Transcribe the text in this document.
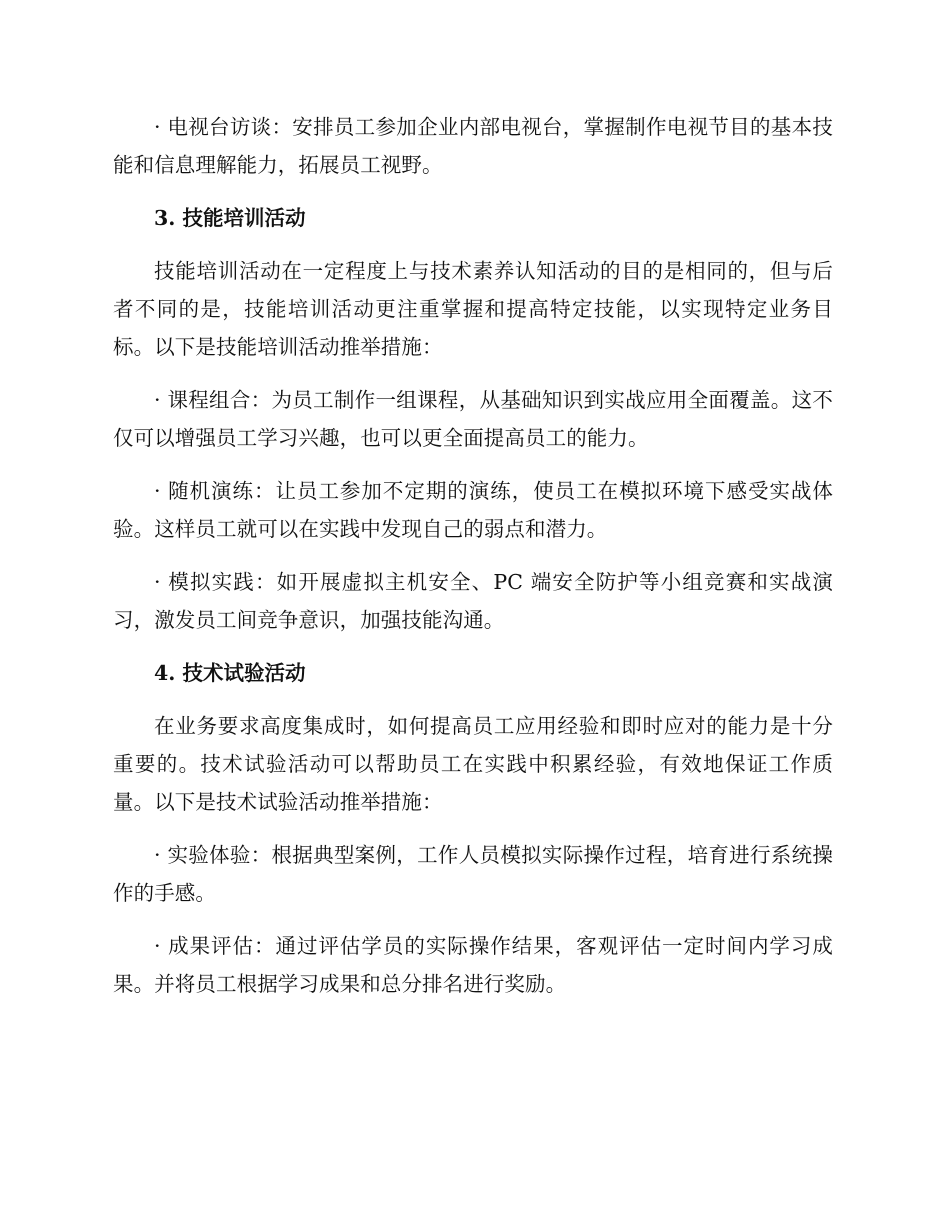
· 电视台访谈：安排员工参加企业内部电视台，掌握制作电视节目的基本技能和信息理解能力，拓展员工视野。

3. 技能培训活动

技能培训活动在一定程度上与技术素养认知活动的目的是相同的，但与后者不同的是，技能培训活动更注重掌握和提高特定技能，以实现特定业务目标。以下是技能培训活动推举措施：

· 课程组合：为员工制作一组课程，从基础知识到实战应用全面覆盖。这不仅可以增强员工学习兴趣，也可以更全面提高员工的能力。

· 随机演练：让员工参加不定期的演练，使员工在模拟环境下感受实战体验。这样员工就可以在实践中发现自己的弱点和潜力。

· 模拟实践：如开展虚拟主机安全、PC 端安全防护等小组竞赛和实战演习，激发员工间竞争意识，加强技能沟通。

4. 技术试验活动

在业务要求高度集成时，如何提高员工应用经验和即时应对的能力是十分重要的。技术试验活动可以帮助员工在实践中积累经验，有效地保证工作质量。以下是技术试验活动推举措施：

· 实验体验：根据典型案例，工作人员模拟实际操作过程，培育进行系统操作的手感。

· 成果评估：通过评估学员的实际操作结果，客观评估一定时间内学习成果。并将员工根据学习成果和总分排名进行奖励。
